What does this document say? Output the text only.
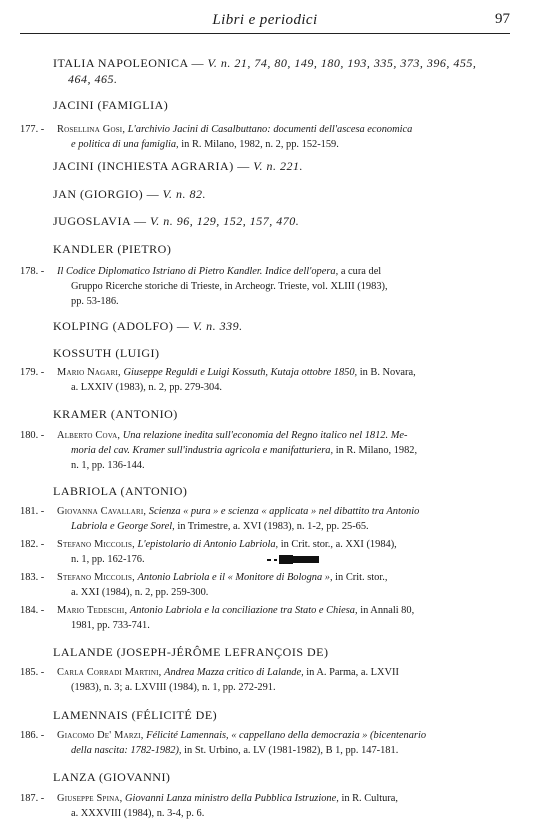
Libri e periodici	97
ITALIA NAPOLEONICA — V. n. 21, 74, 80, 149, 180, 193, 335, 373, 396, 455,
464, 465.
JACINI (FAMIGLIA)
177. - Rosellina Gosi, L'archivio Jacini di Casalbuttano: documenti dell'ascesa economica
e politica di una famiglia, in R. Milano, 1982, n. 2, pp. 152-159.
JACINI (INCHIESTA AGRARIA) — V. n. 221.
JAN (GIORGIO) — V. n. 82.
JUGOSLAVIA — V. n. 96, 129, 152, 157, 470.
KANDLER (PIETRO)
178. - Il Codice Diplomatico Istriano di Pietro Kandler. Indice dell'opera, a cura del
Gruppo Ricerche storiche di Trieste, in Archeogr. Triestе, vol. XLIII (1983),
pp. 53-186.
KOLPING (ADOLFO) — V. n. 339.
KOSSUTH (LUIGI)
179. - Mario Nagari, Giuseppe Reguldi e Luigi Kossuth, Kutaja ottobre 1850, in B. Novara,
a. LXXIV (1983), n. 2, pp. 279-304.
KRAMER (ANTONIO)
180. - Alberto Cova, Una relazione inedita sull'economia del Regno italico nel 1812. Me-
moria del cav. Kramer sull'industria agricola e manifatturiera, in R. Milano, 1982,
n. 1, pp. 136-144.
LABRIOLA (ANTONIO)
181. - Giovanna Cavallari, Scienza « pura » e scienza « applicata » nel dibattito tra Antonio
Labriola e George Sorel, in Trimestre, a. XVI (1983), n. 1-2, pp. 25-65.
182. - Stefano Miccolis, L'epistolario di Antonio Labriola, in Crit. stor., a. XXI (1984),
n. 1, pp. 162-176.
183. - Stefano Miccolis, Antonio Labriola e il « Monitore di Bologna », in Crit. stor.,
a. XXI (1984), n. 2, pp. 259-300.
184. - Mario Tedeschi, Antonio Labriola e la conciliazione tra Stato e Chiesa, in Annali 80,
1981, pp. 733-741.
LALANDE (JOSEPH-JÉRÔME LEFRANÇOIS DE)
185. - Carla Corradi Martini, Andrea Mazza critico di Lalande, in A. Parma, a. LXVII
(1983), n. 3; a. LXVIII (1984), n. 1, pp. 272-291.
LAMENNAIS (FÉLICITÉ DE)
186. - Giacomo De' Marzi, Félicité Lamennais, « cappellano della democrazia » (bicentenario
della nascita: 1782-1982), in St. Urbino, a. LV (1981-1982), B 1, pp. 147-181.
LANZA (GIOVANNI)
187. - Giuseppe Spina, Giovanni Lanza ministro della Pubblica Istruzione, in R. Cultura,
a. XXXVIII (1984), n. 3-4, p. 6.
